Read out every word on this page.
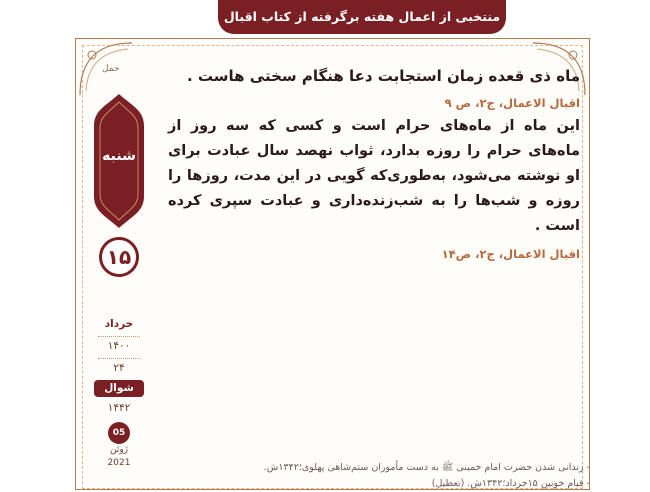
منتخبی از اعمال هفته برگرفته از کتاب اقبال
حمل
شنبه
۱۵
خرداد
۱۴۰۰
۲۴
شوال
۱۴۴۲
05
ژوئن
2021
ماه ذی قعده زمان استجابت دعا هنگام سختی هاست .
اقبال الاعمال، ج۲، ص ۹
این ماه از ماه‌های حرام است و کسی که سه روز از ماه‌های حرام را روزه بدارد، ثواب نهصد سال عبادت برای او نوشته می‌شود، به‌طوری‌که گویی در این مدت، روزها را روزه و شب‌ها را به شب‌زنده‌داری و عبادت سپری کرده است .
اقبال الاعمال، ج۲، ص۱۴
- زندانی شدن حضرت امام خمینی ﷺ به دست مأموران ستم‌شاهی پهلوی؛۱۳۴۲ش.
- قیام خونین ۱۵خرداد؛۱۳۴۲ش. (تعطیل)
